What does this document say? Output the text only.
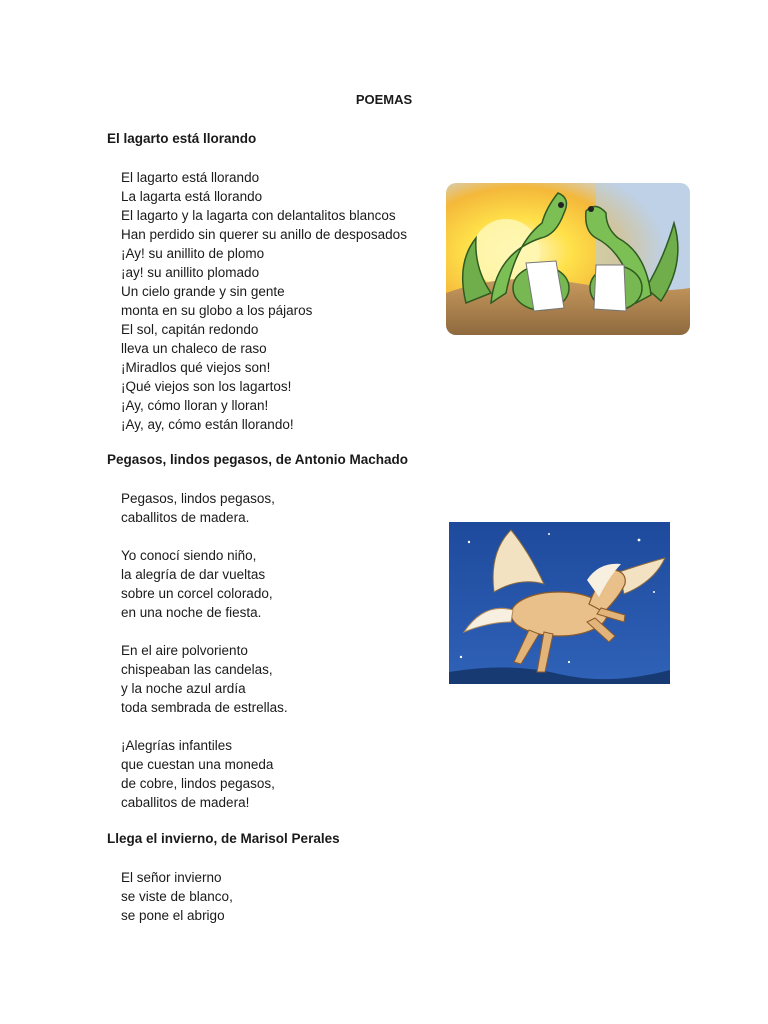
POEMAS
El lagarto está llorando
El lagarto está llorando
La lagarta está llorando
El lagarto y la lagarta con delantalitos blancos
Han perdido sin querer su anillo de desposados
¡Ay! su anillito de plomo
¡ay! su anillito plomado
Un cielo grande y sin gente
monta en su globo a los pájaros
El sol, capitán redondo
lleva un chaleco de raso
¡Miradlos qué viejos son!
¡Qué viejos son los lagartos!
¡Ay, cómo lloran y lloran!
¡Ay, ay, cómo están llorando!
Pegasos, lindos pegasos, de Antonio Machado
Pegasos, lindos pegasos,
caballitos de madera.
Yo conocí siendo niño,
la alegría de dar vueltas
sobre un corcel colorado,
en una noche de fiesta.
En el aire polvoriento
chispeaban las candelas,
y la noche azul ardía
toda sembrada de estrellas.
¡Alegrías infantiles
que cuestan una moneda
de cobre, lindos pegasos,
caballitos de madera!
Llega el invierno, de Marisol Perales
El señor invierno
se viste de blanco,
se pone el abrigo
